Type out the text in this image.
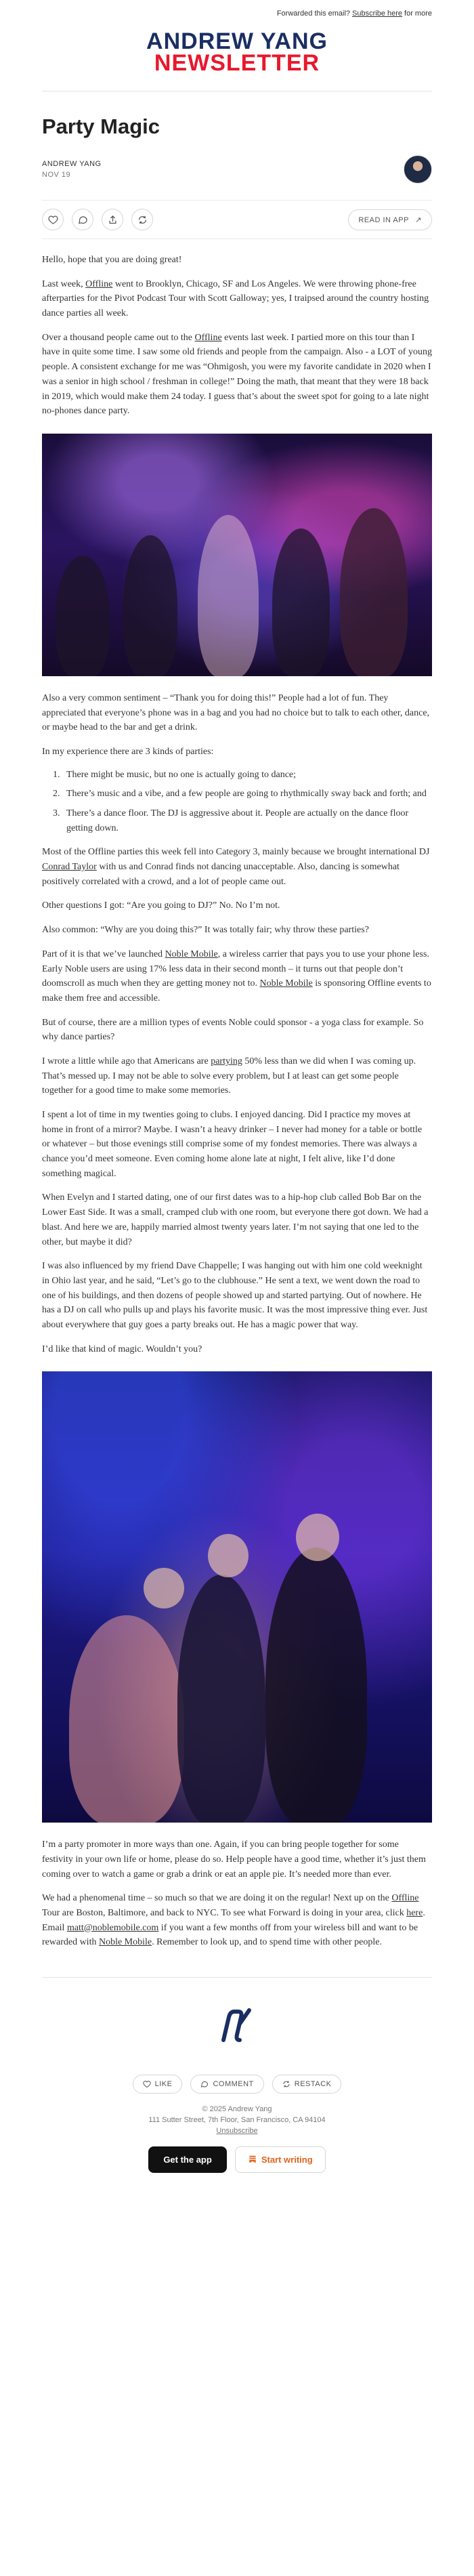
Forwarded this email? Subscribe here for more
ANDREW YANG
NEWSLETTER
Party Magic
ANDREW YANG
NOV 19
READ IN APP ↗

Hello, hope that you are doing great!

Last week, Offline went to Brooklyn, Chicago, SF and Los Angeles. We were throwing phone-free afterparties for the Pivot Podcast Tour with Scott Galloway; yes, I traipsed around the country hosting dance parties all week.

Over a thousand people came out to the Offline events last week. I partied more on this tour than I have in quite some time. I saw some old friends and people from the campaign. Also - a LOT of young people. A consistent exchange for me was “Ohmigosh, you were my favorite candidate in 2020 when I was a senior in high school / freshman in college!” Doing the math, that meant that they were 18 back in 2019, which would make them 24 today. I guess that’s about the sweet spot for going to a late night no-phones dance party.

Also a very common sentiment – “Thank you for doing this!” People had a lot of fun. They appreciated that everyone’s phone was in a bag and you had no choice but to talk to each other, dance, or maybe head to the bar and get a drink.

In my experience there are 3 kinds of parties:

1. There might be music, but no one is actually going to dance;
2. There’s music and a vibe, and a few people are going to rhythmically sway back and forth; and
3. There’s a dance floor. The DJ is aggressive about it. People are actually on the dance floor getting down.

Most of the Offline parties this week fell into Category 3, mainly because we brought international DJ Conrad Taylor with us and Conrad finds not dancing unacceptable. Also, dancing is somewhat positively correlated with a crowd, and a lot of people came out.

Other questions I got: “Are you going to DJ?” No. No I’m not.

Also common: “Why are you doing this?” It was totally fair; why throw these parties?

Part of it is that we’ve launched Noble Mobile, a wireless carrier that pays you to use your phone less. Early Noble users are using 17% less data in their second month – it turns out that people don’t doomscroll as much when they are getting money not to. Noble Mobile is sponsoring Offline events to make them free and accessible.

But of course, there are a million types of events Noble could sponsor - a yoga class for example. So why dance parties?

I wrote a little while ago that Americans are partying 50% less than we did when I was coming up. That’s messed up. I may not be able to solve every problem, but I at least can get some people together for a good time to make some memories.

I spent a lot of time in my twenties going to clubs. I enjoyed dancing. Did I practice my moves at home in front of a mirror? Maybe. I wasn’t a heavy drinker – I never had money for a table or bottle or whatever – but those evenings still comprise some of my fondest memories. There was always a chance you’d meet someone. Even coming home alone late at night, I felt alive, like I’d done something magical.

When Evelyn and I started dating, one of our first dates was to a hip-hop club called Bob Bar on the Lower East Side. It was a small, cramped club with one room, but everyone there got down. We had a blast. And here we are, happily married almost twenty years later. I’m not saying that one led to the other, but maybe it did?

I was also influenced by my friend Dave Chappelle; I was hanging out with him one cold weeknight in Ohio last year, and he said, “Let’s go to the clubhouse.” He sent a text, we went down the road to one of his buildings, and then dozens of people showed up and started partying. Out of nowhere. He has a DJ on call who pulls up and plays his favorite music. It was the most impressive thing ever. Just about everywhere that guy goes a party breaks out. He has a magic power that way.

I’d like that kind of magic. Wouldn’t you?

I’m a party promoter in more ways than one. Again, if you can bring people together for some festivity in your own life or home, please do so. Help people have a good time, whether it’s just them coming over to watch a game or grab a drink or eat an apple pie. It’s needed more than ever.

We had a phenomenal time – so much so that we are doing it on the regular! Next up on the Offline Tour are Boston, Baltimore, and back to NYC. To see what Forward is doing in your area, click here. Email matt@noblemobile.com if you want a few months off from your wireless bill and want to be rewarded with Noble Mobile. Remember to look up, and to spend time with other people.

LIKE	COMMENT	RESTACK
© 2025 Andrew Yang
111 Sutter Street, 7th Floor, San Francisco, CA 94104
Unsubscribe
Get the app	Start writing
